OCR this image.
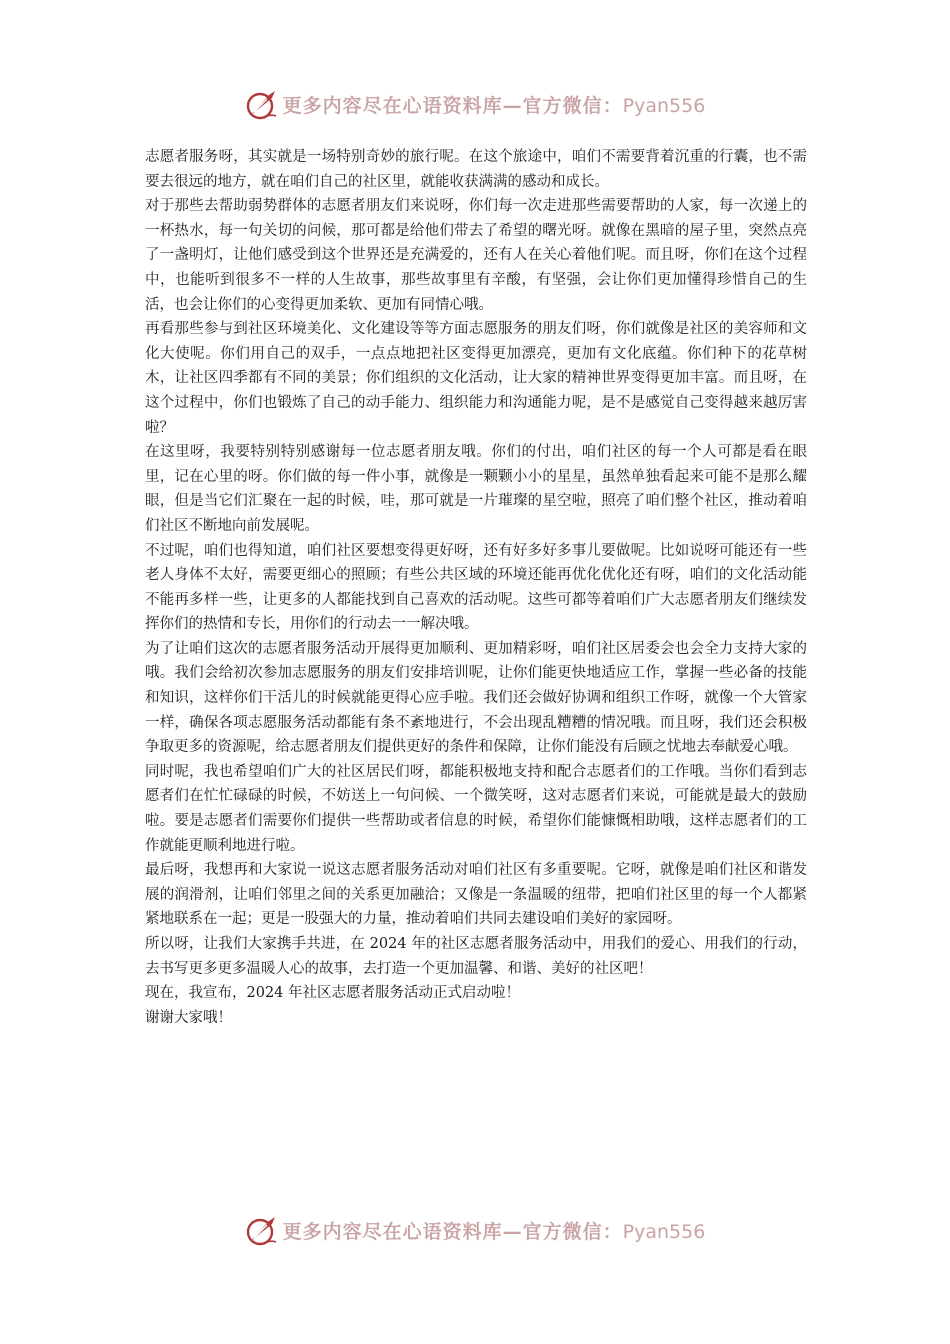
更多内容尽在心语资料库—官方微信：Pyan556

志愿者服务呀，其实就是一场特别奇妙的旅行呢。在这个旅途中，咱们不需要背着沉重的行囊，也不需要去很远的地方，就在咱们自己的社区里，就能收获满满的感动和成长。

对于那些去帮助弱势群体的志愿者朋友们来说呀，你们每一次走进那些需要帮助的人家，每一次递上的一杯热水，每一句关切的问候，那可都是给他们带去了希望的曙光呀。就像在黑暗的屋子里，突然点亮了一盏明灯，让他们感受到这个世界还是充满爱的，还有人在关心着他们呢。而且呀，你们在这个过程中，也能听到很多不一样的人生故事，那些故事里有辛酸，有坚强，会让你们更加懂得珍惜自己的生活，也会让你们的心变得更加柔软、更加有同情心哦。

再看那些参与到社区环境美化、文化建设等等方面志愿服务的朋友们呀，你们就像是社区的美容师和文化大使呢。你们用自己的双手，一点点地把社区变得更加漂亮，更加有文化底蕴。你们种下的花草树木，让社区四季都有不同的美景；你们组织的文化活动，让大家的精神世界变得更加丰富。而且呀，在这个过程中，你们也锻炼了自己的动手能力、组织能力和沟通能力呢，是不是感觉自己变得越来越厉害啦？

在这里呀，我要特别特别感谢每一位志愿者朋友哦。你们的付出，咱们社区的每一个人可都是看在眼里，记在心里的呀。你们做的每一件小事，就像是一颗颗小小的星星，虽然单独看起来可能不是那么耀眼，但是当它们汇聚在一起的时候，哇，那可就是一片璀璨的星空啦，照亮了咱们整个社区，推动着咱们社区不断地向前发展呢。

不过呢，咱们也得知道，咱们社区要想变得更好呀，还有好多好多事儿要做呢。比如说呀可能还有一些老人身体不太好，需要更细心的照顾；有些公共区域的环境还能再优化优化还有呀，咱们的文化活动能不能再多样一些，让更多的人都能找到自己喜欢的活动呢。这些可都等着咱们广大志愿者朋友们继续发挥你们的热情和专长，用你们的行动去一一解决哦。

为了让咱们这次的志愿者服务活动开展得更加顺利、更加精彩呀，咱们社区居委会也会全力支持大家的哦。我们会给初次参加志愿服务的朋友们安排培训呢，让你们能更快地适应工作，掌握一些必备的技能和知识，这样你们干活儿的时候就能更得心应手啦。我们还会做好协调和组织工作呀，就像一个大管家一样，确保各项志愿服务活动都能有条不紊地进行，不会出现乱糟糟的情况哦。而且呀，我们还会积极争取更多的资源呢，给志愿者朋友们提供更好的条件和保障，让你们能没有后顾之忧地去奉献爱心哦。

同时呢，我也希望咱们广大的社区居民们呀，都能积极地支持和配合志愿者们的工作哦。当你们看到志愿者们在忙忙碌碌的时候，不妨送上一句问候、一个微笑呀，这对志愿者们来说，可能就是最大的鼓励啦。要是志愿者们需要你们提供一些帮助或者信息的时候，希望你们能慷慨相助哦，这样志愿者们的工作就能更顺利地进行啦。

最后呀，我想再和大家说一说这志愿者服务活动对咱们社区有多重要呢。它呀，就像是咱们社区和谐发展的润滑剂，让咱们邻里之间的关系更加融洽；又像是一条温暖的纽带，把咱们社区里的每一个人都紧紧地联系在一起；更是一股强大的力量，推动着咱们共同去建设咱们美好的家园呀。

所以呀，让我们大家携手共进，在 2024 年的社区志愿者服务活动中，用我们的爱心、用我们的行动，去书写更多更多温暖人心的故事，去打造一个更加温馨、和谐、美好的社区吧！

现在，我宣布，2024 年社区志愿者服务活动正式启动啦！

谢谢大家哦！

更多内容尽在心语资料库—官方微信：Pyan556
